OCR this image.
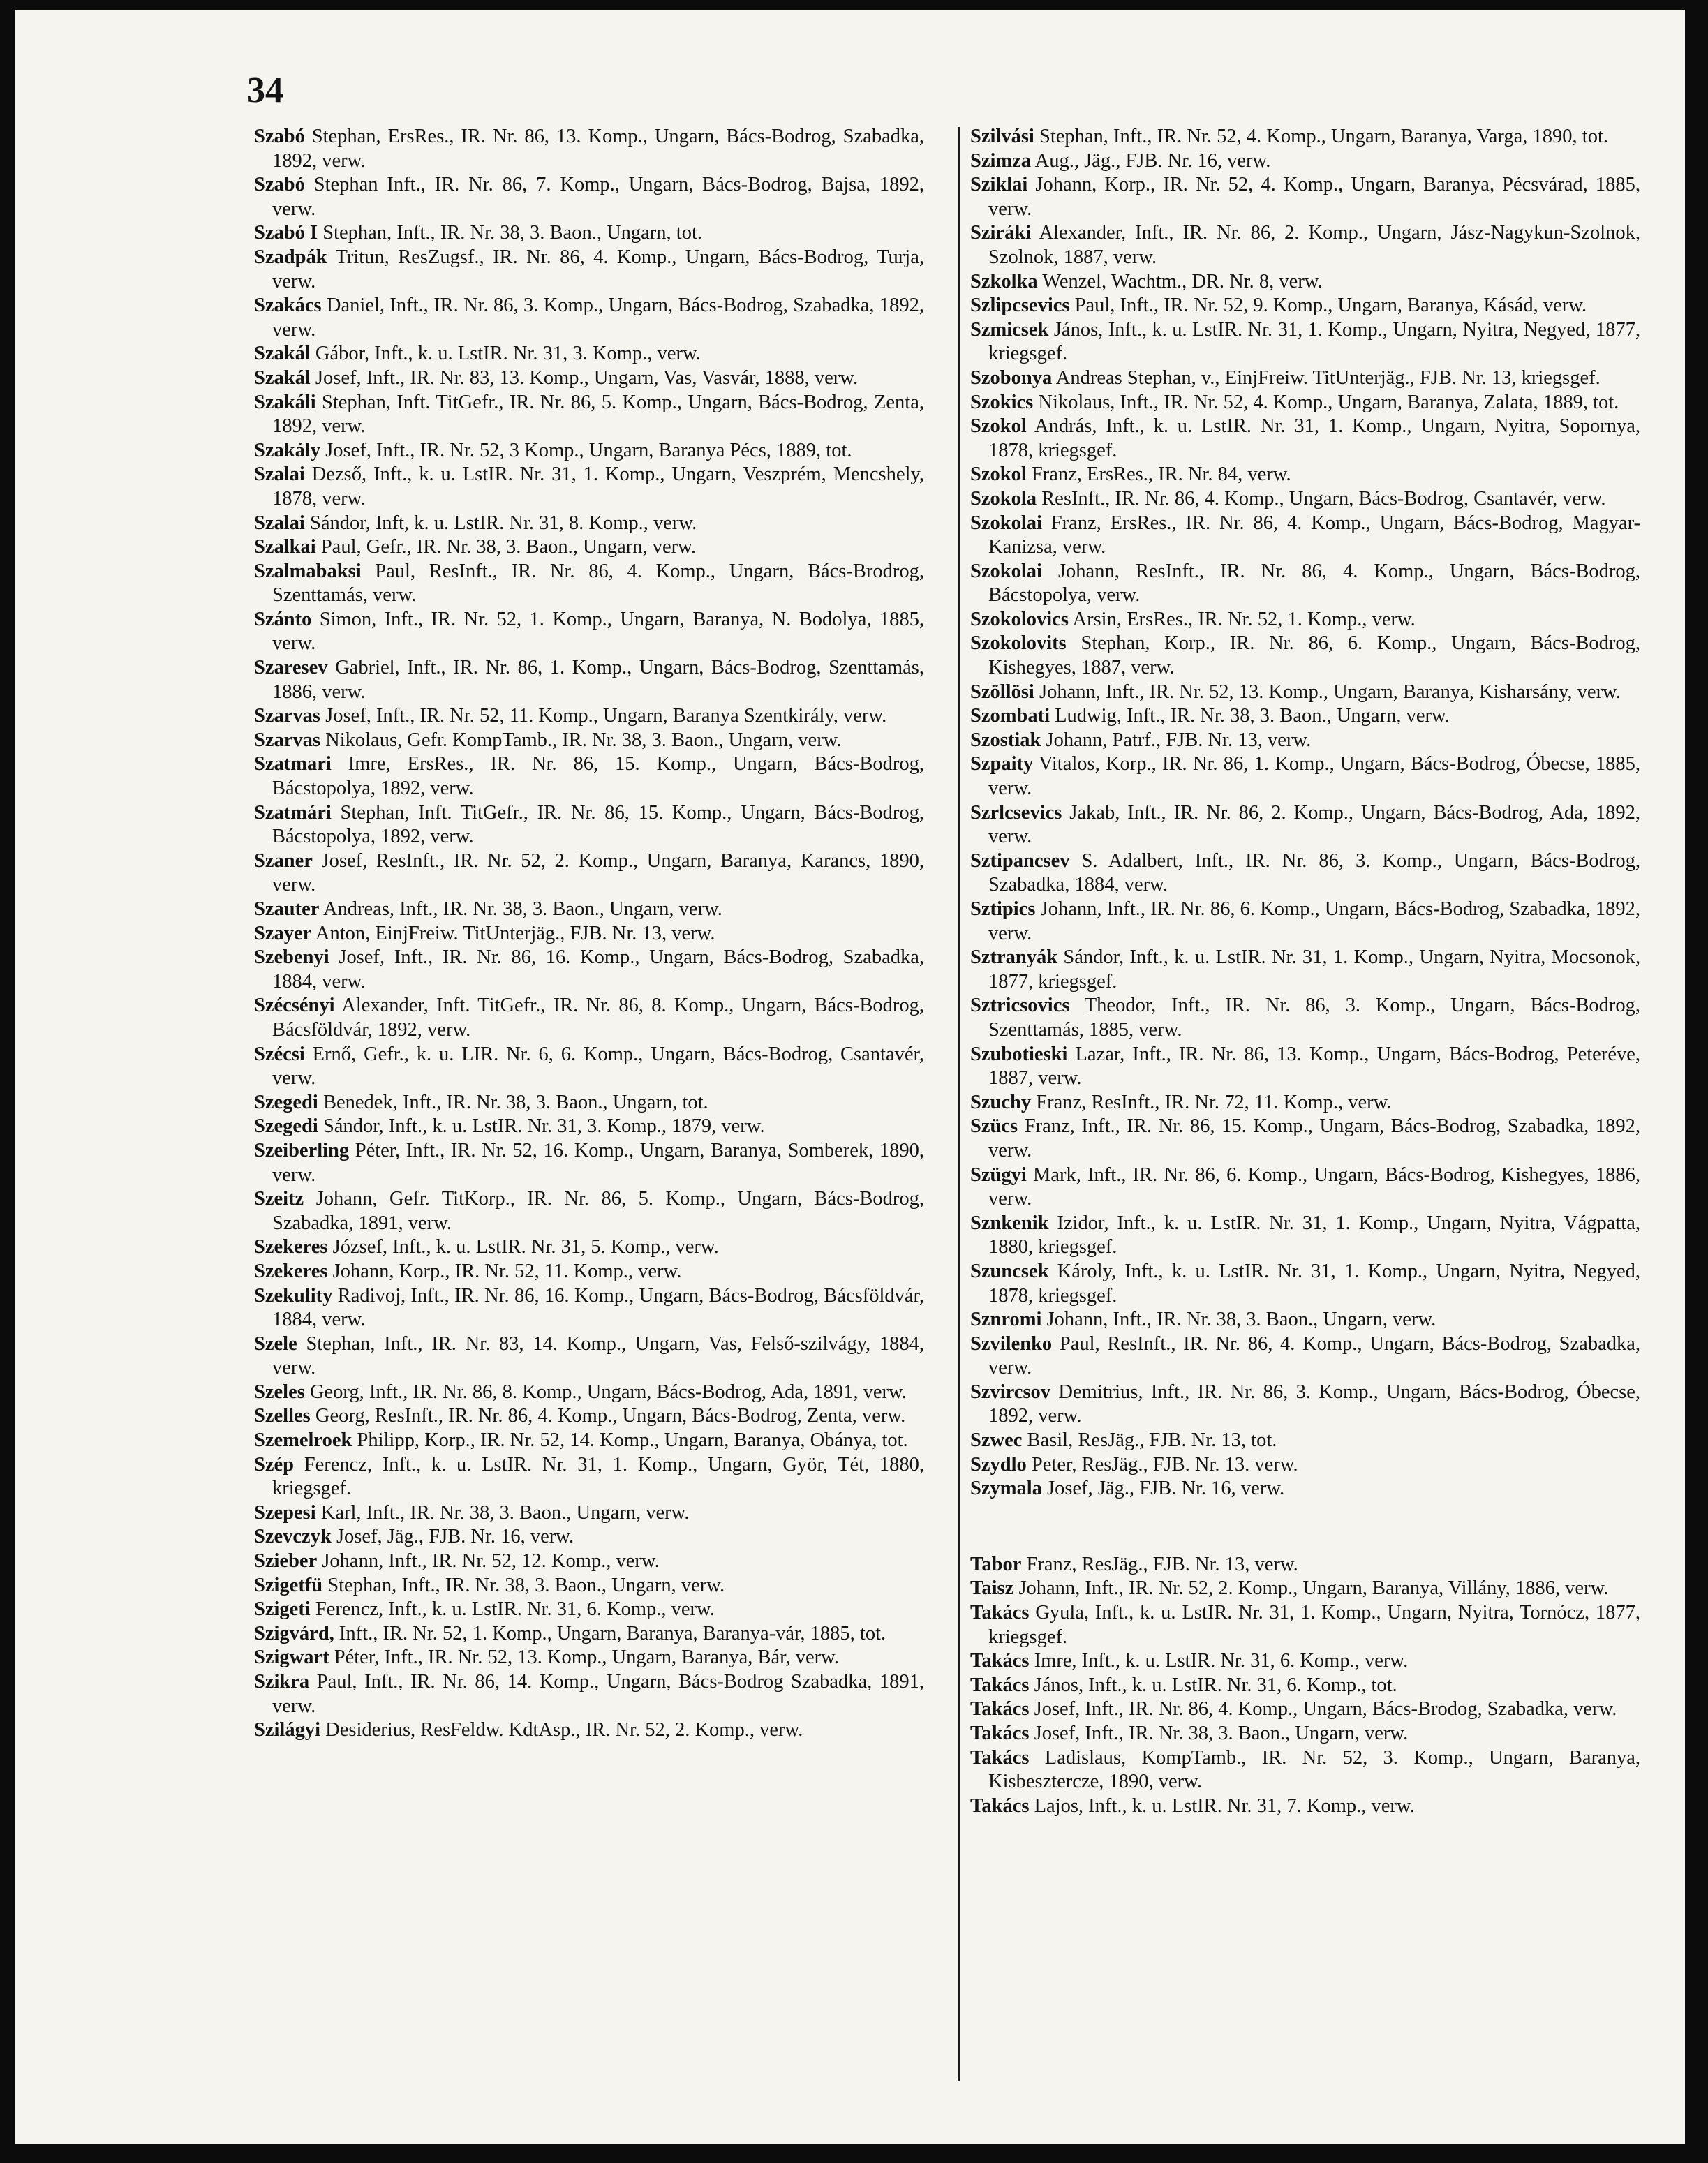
34
Szabó Stephan, ErsRes., IR. Nr. 86, 13. Komp., Ungarn, Bács-Bodrog, Szabadka, 1892, verw.
Szabó Stephan Inft., IR. Nr. 86, 7. Komp., Ungarn, Bács-Bodrog, Bajsa, 1892, verw.
Szabó I Stephan, Inft., IR. Nr. 38, 3. Baon., Ungarn, tot.
Szadpák Tritun, ResZugsf., IR. Nr. 86, 4. Komp., Ungarn, Bács-Bodrog, Turja, verw.
Szakács Daniel, Inft., IR. Nr. 86, 3. Komp., Ungarn, Bács-Bodrog, Szabadka, 1892, verw.
Szakál Gábor, Inft., k. u. LstIR. Nr. 31, 3. Komp., verw.
Szakál Josef, Inft., IR. Nr. 83, 13. Komp., Ungarn, Vas, Vasvár, 1888, verw.
Szakáli Stephan, Inft. TitGefr., IR. Nr. 86, 5. Komp., Ungarn, Bács-Bodrog, Zenta, 1892, verw.
Szakály Josef, Inft., IR. Nr. 52, 3 Komp., Ungarn, Baranya Pécs, 1889, tot.
Szalai Dezső, Inft., k. u. LstIR. Nr. 31, 1. Komp., Ungarn, Veszprém, Mencshely, 1878, verw.
Szalai Sándor, Inft, k. u. LstIR. Nr. 31, 8. Komp., verw.
Szalkai Paul, Gefr., IR. Nr. 38, 3. Baon., Ungarn, verw.
Szalmabaksi Paul, ResInft., IR. Nr. 86, 4. Komp., Ungarn, Bács-Brodrog, Szenttamás, verw.
Szánto Simon, Inft., IR. Nr. 52, 1. Komp., Ungarn, Baranya, N. Bodolya, 1885, verw.
Szaresev Gabriel, Inft., IR. Nr. 86, 1. Komp., Ungarn, Bács-Bodrog, Szenttamás, 1886, verw.
Szarvas Josef, Inft., IR. Nr. 52, 11. Komp., Ungarn, Baranya Szentkirály, verw.
Szarvas Nikolaus, Gefr. KompTamb., IR. Nr. 38, 3. Baon., Ungarn, verw.
Szatmari Imre, ErsRes., IR. Nr. 86, 15. Komp., Ungarn, Bács-Bodrog, Bácstopolya, 1892, verw.
Szatmári Stephan, Inft. TitGefr., IR. Nr. 86, 15. Komp., Ungarn, Bács-Bodrog, Bácstopolya, 1892, verw.
Szaner Josef, ResInft., IR. Nr. 52, 2. Komp., Ungarn, Baranya, Karancs, 1890, verw.
Szauter Andreas, Inft., IR. Nr. 38, 3. Baon., Ungarn, verw.
Szayer Anton, EinjFreiw. TitUnterjäg., FJB. Nr. 13, verw.
Szebenyi Josef, Inft., IR. Nr. 86, 16. Komp., Ungarn, Bács-Bodrog, Szabadka, 1884, verw.
Szécsényi Alexander, Inft. TitGefr., IR. Nr. 86, 8. Komp., Ungarn, Bács-Bodrog, Bácsföldvár, 1892, verw.
Szécsi Ernő, Gefr., k. u. LIR. Nr. 6, 6. Komp., Ungarn, Bács-Bodrog, Csantavér, verw.
Szegedi Benedek, Inft., IR. Nr. 38, 3. Baon., Ungarn, tot.
Szegedi Sándor, Inft., k. u. LstIR. Nr. 31, 3. Komp., 1879, verw.
Szeiberling Péter, Inft., IR. Nr. 52, 16. Komp., Ungarn, Baranya, Somberek, 1890, verw.
Szeitz Johann, Gefr. TitKorp., IR. Nr. 86, 5. Komp., Ungarn, Bács-Bodrog, Szabadka, 1891, verw.
Szekeres József, Inft., k. u. LstIR. Nr. 31, 5. Komp., verw.
Szekeres Johann, Korp., IR. Nr. 52, 11. Komp., verw.
Szekulity Radivoj, Inft., IR. Nr. 86, 16. Komp., Ungarn, Bács-Bodrog, Bácsföldvár, 1884, verw.
Szele Stephan, Inft., IR. Nr. 83, 14. Komp., Ungarn, Vas, Felső-szilvágy, 1884, verw.
Szeles Georg, Inft., IR. Nr. 86, 8. Komp., Ungarn, Bács-Bodrog, Ada, 1891, verw.
Szelles Georg, ResInft., IR. Nr. 86, 4. Komp., Ungarn, Bács-Bodrog, Zenta, verw.
Szemelroek Philipp, Korp., IR. Nr. 52, 14. Komp., Ungarn, Baranya, Obánya, tot.
Szép Ferencz, Inft., k. u. LstIR. Nr. 31, 1. Komp., Ungarn, Györ, Tét, 1880, kriegsgef.
Szepesi Karl, Inft., IR. Nr. 38, 3. Baon., Ungarn, verw.
Szevczyk Josef, Jäg., FJB. Nr. 16, verw.
Szieber Johann, Inft., IR. Nr. 52, 12. Komp., verw.
Szigetfü Stephan, Inft., IR. Nr. 38, 3. Baon., Ungarn, verw.
Szigeti Ferencz, Inft., k. u. LstIR. Nr. 31, 6. Komp., verw.
Szigvárd, Inft., IR. Nr. 52, 1. Komp., Ungarn, Baranya, Baranya-vár, 1885, tot.
Szigwart Péter, Inft., IR. Nr. 52, 13. Komp., Ungarn, Baranya, Bár, verw.
Szikra Paul, Inft., IR. Nr. 86, 14. Komp., Ungarn, Bács-Bodrog Szabadka, 1891, verw.
Szilágyi Desiderius, ResFeldw. KdtAsp., IR. Nr. 52, 2. Komp., verw.
Szilvási Stephan, Inft., IR. Nr. 52, 4. Komp., Ungarn, Baranya, Varga, 1890, tot.
Szimza Aug., Jäg., FJB. Nr. 16, verw.
Sziklai Johann, Korp., IR. Nr. 52, 4. Komp., Ungarn, Baranya, Pécsvárad, 1885, verw.
Sziráki Alexander, Inft., IR. Nr. 86, 2. Komp., Ungarn, Jász-Nagykun-Szolnok, Szolnok, 1887, verw.
Szkolka Wenzel, Wachtm., DR. Nr. 8, verw.
Szlipcsevics Paul, Inft., IR. Nr. 52, 9. Komp., Ungarn, Baranya, Kásád, verw.
Szmicsek János, Inft., k. u. LstIR. Nr. 31, 1. Komp., Ungarn, Nyitra, Negyed, 1877, kriegsgef.
Szobonya Andreas Stephan, v., EinjFreiw. TitUnterjäg., FJB. Nr. 13, kriegsgef.
Szokics Nikolaus, Inft., IR. Nr. 52, 4. Komp., Ungarn, Baranya, Zalata, 1889, tot.
Szokol András, Inft., k. u. LstIR. Nr. 31, 1. Komp., Ungarn, Nyitra, Sopornya, 1878, kriegsgef.
Szokol Franz, ErsRes., IR. Nr. 84, verw.
Szokola ResInft., IR. Nr. 86, 4. Komp., Ungarn, Bács-Bodrog, Csantavér, verw.
Szokolai Franz, ErsRes., IR. Nr. 86, 4. Komp., Ungarn, Bács-Bodrog, Magyar-Kanizsa, verw.
Szokolai Johann, ResInft., IR. Nr. 86, 4. Komp., Ungarn, Bács-Bodrog, Bácstopolya, verw.
Szokolovics Arsin, ErsRes., IR. Nr. 52, 1. Komp., verw.
Szokolovits Stephan, Korp., IR. Nr. 86, 6. Komp., Ungarn, Bács-Bodrog, Kishegyes, 1887, verw.
Szöllösi Johann, Inft., IR. Nr. 52, 13. Komp., Ungarn, Baranya, Kisharsány, verw.
Szombati Ludwig, Inft., IR. Nr. 38, 3. Baon., Ungarn, verw.
Szostiak Johann, Patrf., FJB. Nr. 13, verw.
Szpaity Vitalos, Korp., IR. Nr. 86, 1. Komp., Ungarn, Bács-Bodrog, Óbecse, 1885, verw.
Szrlcsevics Jakab, Inft., IR. Nr. 86, 2. Komp., Ungarn, Bács-Bodrog, Ada, 1892, verw.
Sztipancsev S. Adalbert, Inft., IR. Nr. 86, 3. Komp., Ungarn, Bács-Bodrog, Szabadka, 1884, verw.
Sztipics Johann, Inft., IR. Nr. 86, 6. Komp., Ungarn, Bács-Bodrog, Szabadka, 1892, verw.
Sztranyák Sándor, Inft., k. u. LstIR. Nr. 31, 1. Komp., Ungarn, Nyitra, Mocsonok, 1877, kriegsgef.
Sztricsovics Theodor, Inft., IR. Nr. 86, 3. Komp., Ungarn, Bács-Bodrog, Szenttamás, 1885, verw.
Szubotieski Lazar, Inft., IR. Nr. 86, 13. Komp., Ungarn, Bács-Bodrog, Peteréve, 1887, verw.
Szuchy Franz, ResInft., IR. Nr. 72, 11. Komp., verw.
Szücs Franz, Inft., IR. Nr. 86, 15. Komp., Ungarn, Bács-Bodrog, Szabadka, 1892, verw.
Szügyi Mark, Inft., IR. Nr. 86, 6. Komp., Ungarn, Bács-Bodrog, Kishegyes, 1886, verw.
Sznkenik Izidor, Inft., k. u. LstIR. Nr. 31, 1. Komp., Ungarn, Nyitra, Vágpatta, 1880, kriegsgef.
Szuncsek Károly, Inft., k. u. LstIR. Nr. 31, 1. Komp., Ungarn, Nyitra, Negyed, 1878, kriegsgef.
Sznromi Johann, Inft., IR. Nr. 38, 3. Baon., Ungarn, verw.
Szvilenko Paul, ResInft., IR. Nr. 86, 4. Komp., Ungarn, Bács-Bodrog, Szabadka, verw.
Szvircsov Demitrius, Inft., IR. Nr. 86, 3. Komp., Ungarn, Bács-Bodrog, Óbecse, 1892, verw.
Szwec Basil, ResJäg., FJB. Nr. 13, tot.
Szydlo Peter, ResJäg., FJB. Nr. 13. verw.
Szymala Josef, Jäg., FJB. Nr. 16, verw.
Tabor Franz, ResJäg., FJB. Nr. 13, verw.
Taisz Johann, Inft., IR. Nr. 52, 2. Komp., Ungarn, Baranya, Villány, 1886, verw.
Takács Gyula, Inft., k. u. LstIR. Nr. 31, 1. Komp., Ungarn, Nyitra, Tornócz, 1877, kriegsgef.
Takács Imre, Inft., k. u. LstIR. Nr. 31, 6. Komp., verw.
Takács János, Inft., k. u. LstIR. Nr. 31, 6. Komp., tot.
Takács Josef, Inft., IR. Nr. 86, 4. Komp., Ungarn, Bács-Brodog, Szabadka, verw.
Takács Josef, Inft., IR. Nr. 38, 3. Baon., Ungarn, verw.
Takács Ladislaus, KompTamb., IR. Nr. 52, 3. Komp., Ungarn, Baranya, Kisbesztercze, 1890, verw.
Takács Lajos, Inft., k. u. LstIR. Nr. 31, 7. Komp., verw.
